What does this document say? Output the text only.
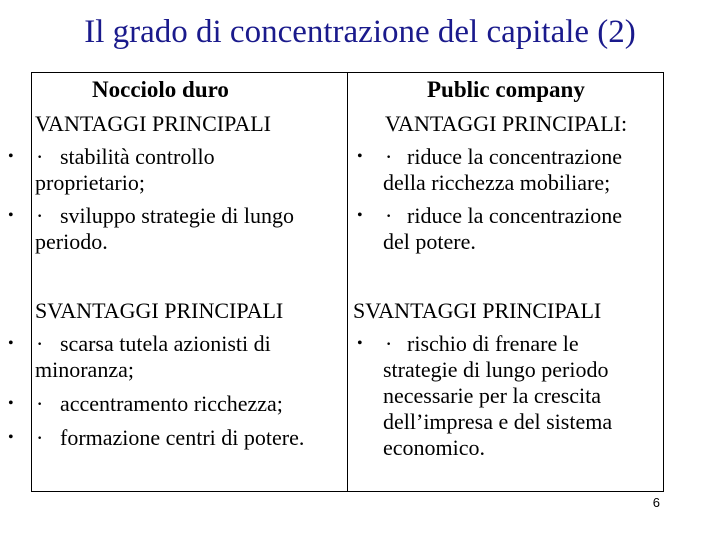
Il grado di concentrazione del capitale (2)
Nocciolo duro
VANTAGGI PRINCIPALI
• · stabilità controllo
proprietario;
• · sviluppo strategie di lungo
periodo.
SVANTAGGI PRINCIPALI
• · scarsa tutela azionisti di
minoranza;
• · accentramento ricchezza;
• · formazione centri di potere.
Public company
VANTAGGI PRINCIPALI:
• · riduce la concentrazione
della ricchezza mobiliare;
• · riduce la concentrazione
del potere.
SVANTAGGI PRINCIPALI
• · rischio di frenare le
strategie di lungo periodo
necessarie per la crescita
dell’impresa e del sistema
economico.
6
